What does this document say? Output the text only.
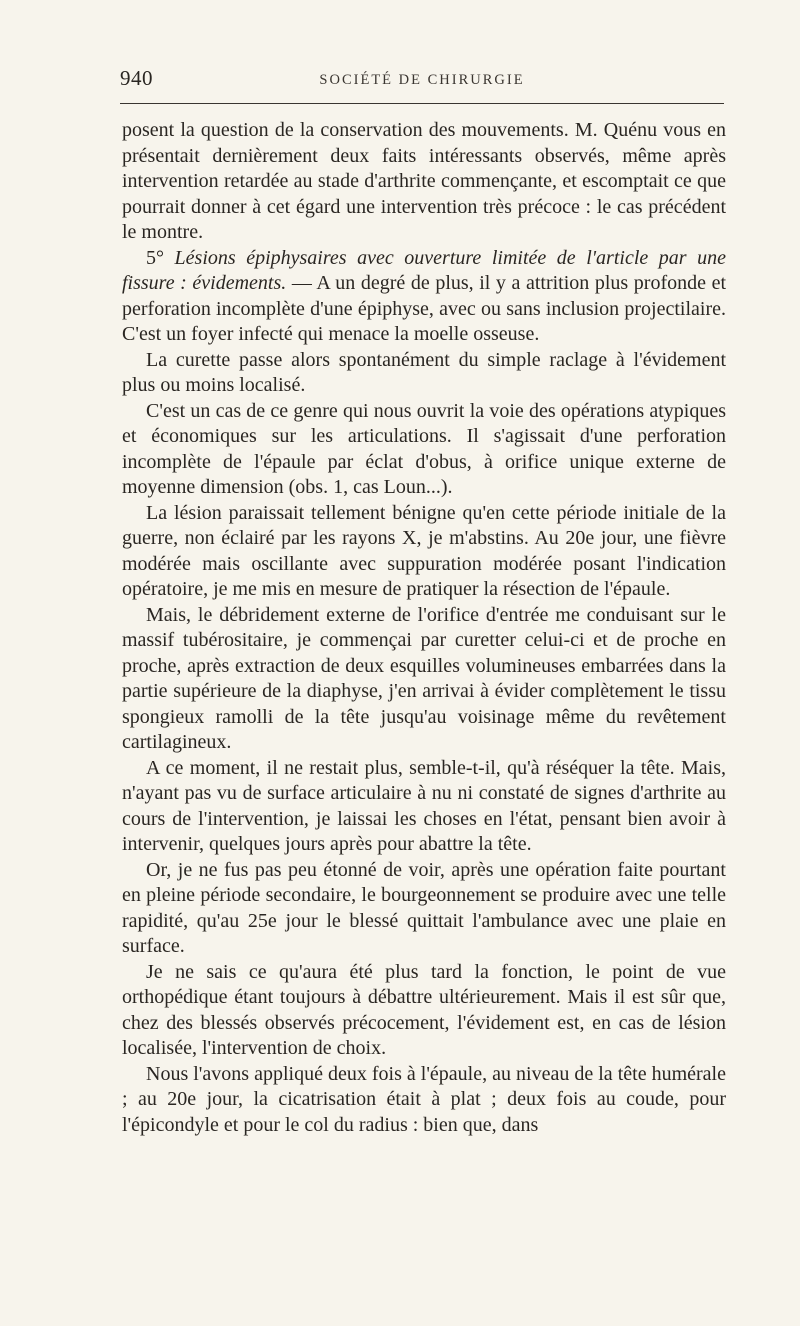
940	SOCIÉTÉ DE CHIRURGIE

posent la question de la conservation des mouvements. M. Quénu vous en présentait dernièrement deux faits intéressants observés, même après intervention retardée au stade d'arthrite commençante, et escomptait ce que pourrait donner à cet égard une intervention très précoce : le cas précédent le montre.

5° Lésions épiphysaires avec ouverture limitée de l'article par une fissure : évidements. — A un degré de plus, il y a attrition plus profonde et perforation incomplète d'une épiphyse, avec ou sans inclusion projectilaire. C'est un foyer infecté qui menace la moelle osseuse.

La curette passe alors spontanément du simple raclage à l'évidement plus ou moins localisé.

C'est un cas de ce genre qui nous ouvrit la voie des opérations atypiques et économiques sur les articulations. Il s'agissait d'une perforation incomplète de l'épaule par éclat d'obus, à orifice unique externe de moyenne dimension (obs. 1, cas Loun...).

La lésion paraissait tellement bénigne qu'en cette période initiale de la guerre, non éclairé par les rayons X, je m'abstins. Au 20e jour, une fièvre modérée mais oscillante avec suppuration modérée posant l'indication opératoire, je me mis en mesure de pratiquer la résection de l'épaule.

Mais, le débridement externe de l'orifice d'entrée me conduisant sur le massif tubérositaire, je commençai par curetter celui-ci et de proche en proche, après extraction de deux esquilles volumineuses embarrées dans la partie supérieure de la diaphyse, j'en arrivai à évider complètement le tissu spongieux ramolli de la tête jusqu'au voisinage même du revêtement cartilagineux.

A ce moment, il ne restait plus, semble-t-il, qu'à réséquer la tête. Mais, n'ayant pas vu de surface articulaire à nu ni constaté de signes d'arthrite au cours de l'intervention, je laissai les choses en l'état, pensant bien avoir à intervenir, quelques jours après pour abattre la tête.

Or, je ne fus pas peu étonné de voir, après une opération faite pourtant en pleine période secondaire, le bourgeonnement se produire avec une telle rapidité, qu'au 25e jour le blessé quittait l'ambulance avec une plaie en surface.

Je ne sais ce qu'aura été plus tard la fonction, le point de vue orthopédique étant toujours à débattre ultérieurement. Mais il est sûr que, chez des blessés observés précocement, l'évidement est, en cas de lésion localisée, l'intervention de choix.

Nous l'avons appliqué deux fois à l'épaule, au niveau de la tête humérale ; au 20e jour, la cicatrisation était à plat ; deux fois au coude, pour l'épicondyle et pour le col du radius : bien que, dans
